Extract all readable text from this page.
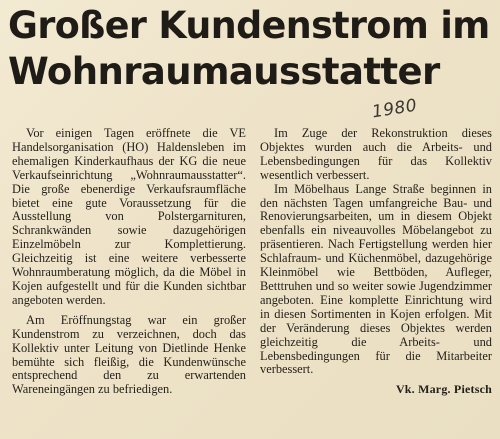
Großer Kundenstrom im
Wohnraumausstatter
1980

Vor einigen Tagen eröffnete die VE Handelsorganisation (HO) Haldensleben im ehemaligen Kinderkaufhaus der KG die neue Verkaufseinrichtung „Wohnraumausstatter“. Die große ebenerdige Verkaufsraumfläche bietet eine gute Voraussetzung für die Ausstellung von Polstergarnituren, Schrankwänden sowie dazugehörigen Einzelmöbeln zur Komplettierung. Gleichzeitig ist eine weitere verbesserte Wohnraumberatung möglich, da die Möbel in Kojen aufgestellt und für die Kunden sichtbar angeboten werden.

Am Eröffnungstag war ein großer Kundenstrom zu verzeichnen, doch das Kollektiv unter Leitung von Dietlinde Henke bemühte sich fleißig, die Kundenwünsche entsprechend den zu erwartenden Wareneingängen zu befriedigen.

Im Zuge der Rekonstruktion dieses Objektes wurden auch die Arbeits- und Lebensbedingungen für das Kollektiv wesentlich verbessert.

Im Möbelhaus Lange Straße beginnen in den nächsten Tagen umfangreiche Bau- und Renovierungsarbeiten, um in diesem Objekt ebenfalls ein niveauvolles Möbelangebot zu präsentieren. Nach Fertigstellung werden hier Schlafraum- und Küchenmöbel, dazugehörige Kleinmöbel wie Bettböden, Aufleger, Betttruhen und so weiter sowie Jugendzimmer angeboten. Eine komplette Einrichtung wird in diesen Sortimenten in Kojen erfolgen. Mit der Veränderung dieses Objektes werden gleichzeitig die Arbeits- und Lebensbedingungen für die Mitarbeiter verbessert.

Vk. Marg. Pietsch
